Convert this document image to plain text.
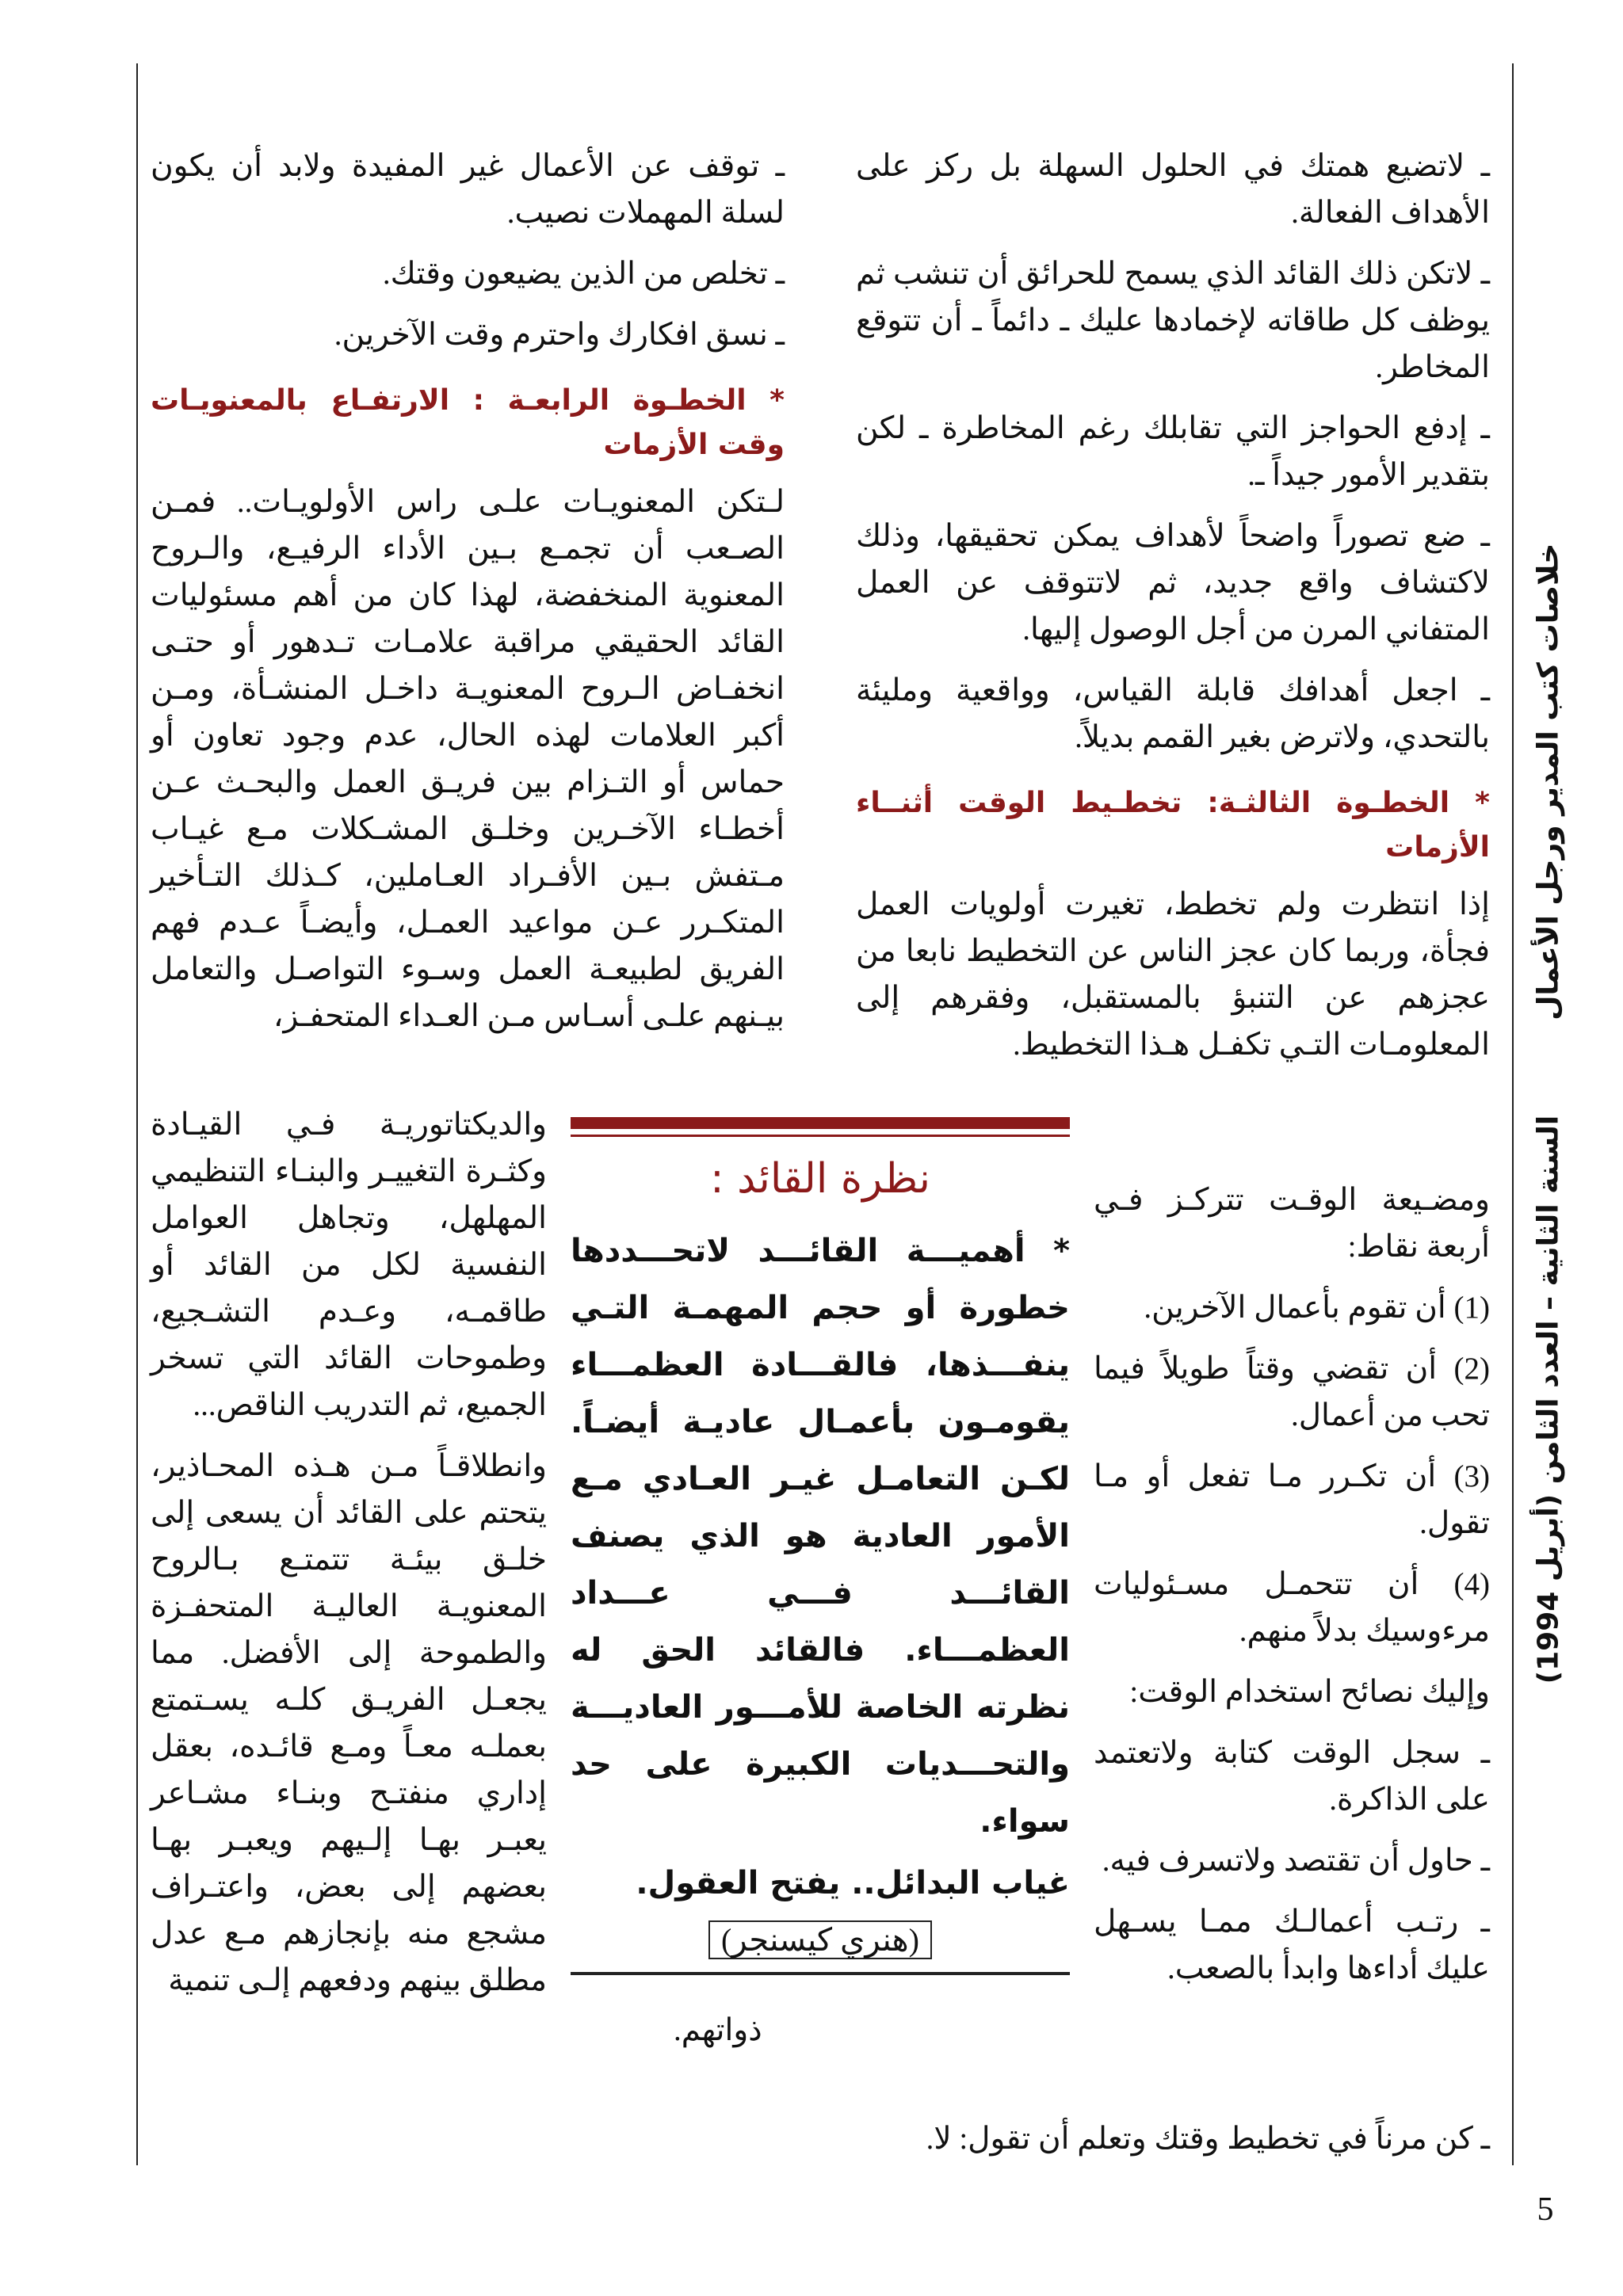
السنة الثانية – العدد الثامن (أبريل 1994)
خلاصات كتب المدير ورجل الأعمال
5

ـ لاتضيع همتك في الحلول السهلة بل ركز على الأهداف الفعالة.

ـ لاتكن ذلك القائد الذي يسمح للحرائق أن تنشب ثم يوظف كل طاقاته لإخمادها عليك ـ دائماً ـ أن تتوقع المخاطر.

ـ إدفع الحواجز التي تقابلك رغم المخاطرة ـ لكن بتقدير الأمور جيداً ـ.

ـ ضع تصوراً واضحاً لأهداف يمكن تحقيقها، وذلك لاكتشاف واقع جديد، ثم لاتتوقف عن العمل المتفاني المرن من أجل الوصول إليها.

ـ اجعل أهدافك قابلة القياس، وواقعية ومليئة بالتحدي، ولاترض بغير القمم بديلاً.

* الخطـوة الثالثـة: تخطـيط الوقت أثنــاء الأزمات

إذا انتظرت ولم تخطط، تغيرت أولويات العمل فجأة، وربما كان عجز الناس عن التخطيط نابعا من عجزهم عن التنبؤ بالمستقبل، وفقرهم إلى المعلومـات التـي تكفـل هـذا التخطيط.

ومضـيعة الوقـت تتركـز فـي أربعة نقاط:

(1) أن تقوم بأعمال الآخرين.

(2) أن تقضي وقتاً طويلاً فيما تحب من أعمال.

(3) أن تكـرر مـا تفعل أو مـا تقول.

(4) أن تتحمـل مسـئوليات مرءوسيك بدلاً منهم.

وإليك نصائح استخدام الوقت:

ـ سجل الوقت كتابة ولاتعتمد على الذاكرة.

ـ حاول أن تقتصد ولاتسرف فيه.

ـ رتـب أعمالـك ممـا يسـهل عليك أداءها وابدأ بالصعب.

ـ كن مرناً في تخطيط وقتك وتعلم أن تقول: لا.

ـ توقف عن الأعمال غير المفيدة ولابد أن يكون لسلة المهملات نصيب.

ـ تخلص من الذين يضيعون وقتك.

ـ نسق افكارك واحترم وقت الآخرين.

* الخطـوة الرابعـة : الارتفـاع بالمعنويـات وقت الأزمات

لـتكن المعنويـات علـى راس الأولويـات.. فمـن الصـعب أن تجمـع بـين الأداء الرفيـع، والـروح المعنوية المنخفضة، لهذا كان من أهم مسئوليات القائد الحقيقي مراقبة علامـات تـدهور أو حتـى انخفـاض الـروح المعنويـة داخـل المنشـأة، ومـن أكبر العلامات لهذه الحال، عدم وجود تعاون أو حماس أو التـزام بين فريـق العمل والبحـث عـن أخطـاء الآخـرين وخلـق المشـكلات مـع غيـاب مـتفش بـين الأفـراد العـاملين، كـذلك التـأخير المتكـرر عـن مواعيد العمـل، وأيضـاً عـدم فهم الفريق لطبيعـة العمل وسـوء التواصـل والتعامل بيـنهم علـى أسـاس مـن العـداء المتحفـز،

والديكتاتوريـة فـي القيـادة وكثـرة التغييـر والبنـاء التنظيمي المهلهل، وتجاهل العوامل النفسية لكل من القائد أو طاقمـه، وعـدم التشـجيع، وطموحات القائد التي تسخر الجميع، ثم التدريب الناقص...

وانطلاقـاً مـن هـذه المحـاذير، يتحتم على القائد أن يسعى إلى خلـق بيئـة تتمتـع بـالروح المعنويـة العاليـة المتحفـزة والطموحة إلى الأفضل. مما يجعـل الفريـق كلـه يسـتمتع بعملـه معـاً ومـع قائـده، بعقل إداري منفتـح وبنـاء مشـاعر يعبـر بهـا إلـيهم ويعبـر بهـا بعضهم إلى بعض، واعتـراف مشجع منه بإنجازهم مـع عدل مطلق بينهم ودفعهم إلـى تنمية

ذواتهم.
نظرة القائد :

* أهميـــة القائـــد لاتحـــددها خطورة أو حجم المهمـة التـي ينفـــذها، فالقـــادة العظمـــاء يقومـون بأعمـال عاديـة أيضـاً. لكـن التعامـل غيـر العـادي مـع الأمور العادية هو الذي يصنف القائـــد فـــي عـــداد العظمـــاء. فالقائد الحق له نظرته الخاصة للأمـــور العاديـــة والتحـــديات الكبيرة على حد سواء.

غياب البدائل.. يفتح العقول.

(هنري كيسنجر)
